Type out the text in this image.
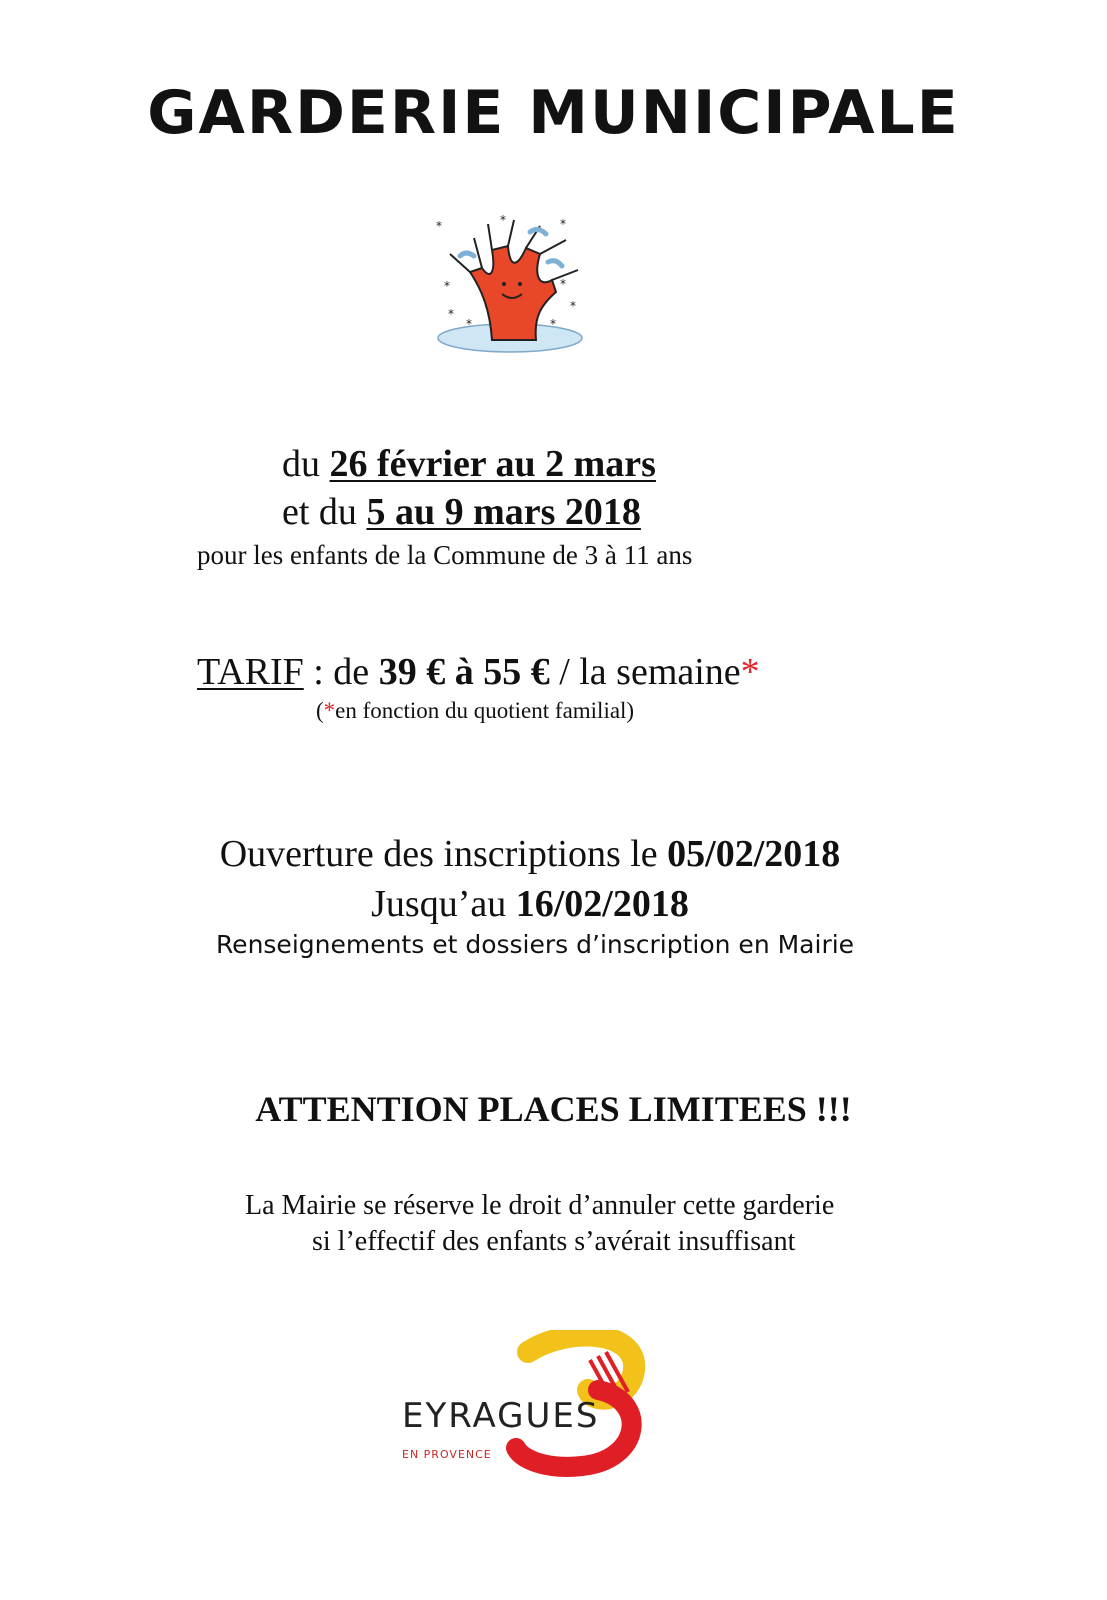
GARDERIE MUNICIPALE
*	*	*
*
*
*
*
*	*
du 26 février au 2 mars
et du 5 au 9 mars 2018
pour les enfants de la Commune de 3 à 11 ans
TARIF : de 39 € à 55 € / la semaine*
(*en fonction du quotient familial)
Ouverture des inscriptions le 05/02/2018
Jusqu’au 16/02/2018
Renseignements et dossiers d’inscription en Mairie
ATTENTION PLACES LIMITEES !!!
La Mairie se réserve le droit d’annuler cette garderie
si l’effectif des enfants s’avérait insuffisant
EYRAGUES
EN PROVENCE
